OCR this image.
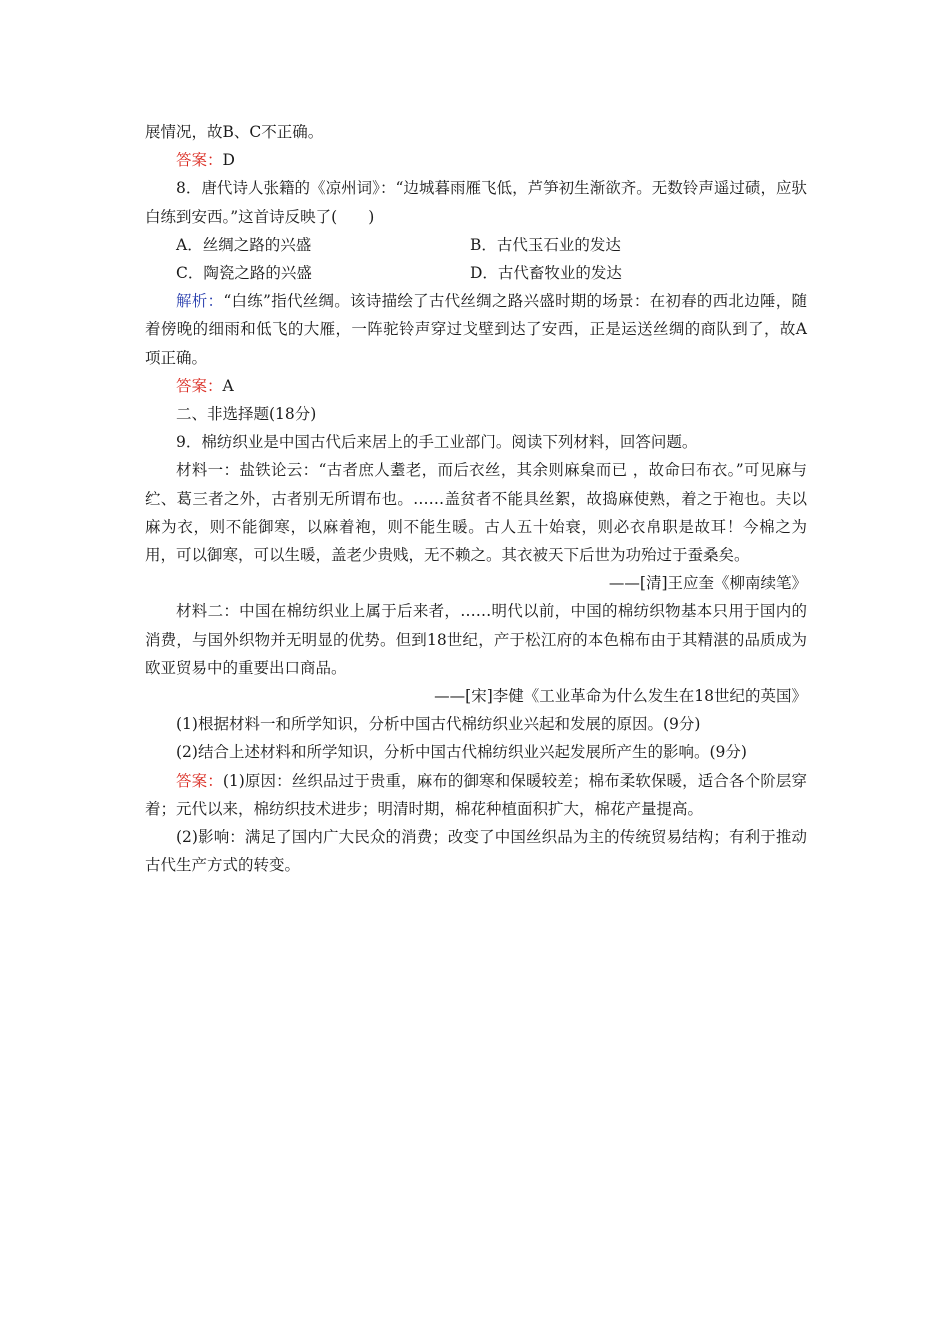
展情况，故B、C不正确。
答案：D
8．唐代诗人张籍的《凉州词》：“边城暮雨雁飞低，芦笋初生渐欲齐。无数铃声遥过碛，应驮白练到安西。”这首诗反映了(　　)
A．丝绸之路的兴盛	B．古代玉石业的发达
C．陶瓷之路的兴盛	D．古代畜牧业的发达
解析：“白练”指代丝绸。该诗描绘了古代丝绸之路兴盛时期的场景：在初春的西北边陲，随着傍晚的细雨和低飞的大雁，一阵驼铃声穿过戈壁到达了安西，正是运送丝绸的商队到了，故A项正确。
答案：A
二、非选择题(18分)
9．棉纺织业是中国古代后来居上的手工业部门。阅读下列材料，回答问题。
材料一：盐铁论云：“古者庶人耋老，而后衣丝，其余则麻枲而已 ，故命曰布衣。”可见麻与纻、葛三者之外，古者别无所谓布也。……盖贫者不能具丝絮，故捣麻使熟，着之于袍也。夫以麻为衣，则不能御寒，以麻着袍，则不能生暖。古人五十始衰，则必衣帛职是故耳！今棉之为用，可以御寒，可以生暖，盖老少贵贱，无不赖之。其衣被天下后世为功殆过于蚕桑矣。
——[清]王应奎《柳南续笔》
材料二：中国在棉纺织业上属于后来者，……明代以前，中国的棉纺织物基本只用于国内的消费，与国外织物并无明显的优势。但到18世纪，产于松江府的本色棉布由于其精湛的品质成为欧亚贸易中的重要出口商品。
——[宋]李健《工业革命为什么发生在18世纪的英国》
(1)根据材料一和所学知识，分析中国古代棉纺织业兴起和发展的原因。(9分)
(2)结合上述材料和所学知识，分析中国古代棉纺织业兴起发展所产生的影响。(9分)
答案：(1)原因：丝织品过于贵重，麻布的御寒和保暖较差；棉布柔软保暖，适合各个阶层穿着；元代以来，棉纺织技术进步；明清时期，棉花种植面积扩大，棉花产量提高。
(2)影响：满足了国内广大民众的消费；改变了中国丝织品为主的传统贸易结构；有利于推动古代生产方式的转变。
